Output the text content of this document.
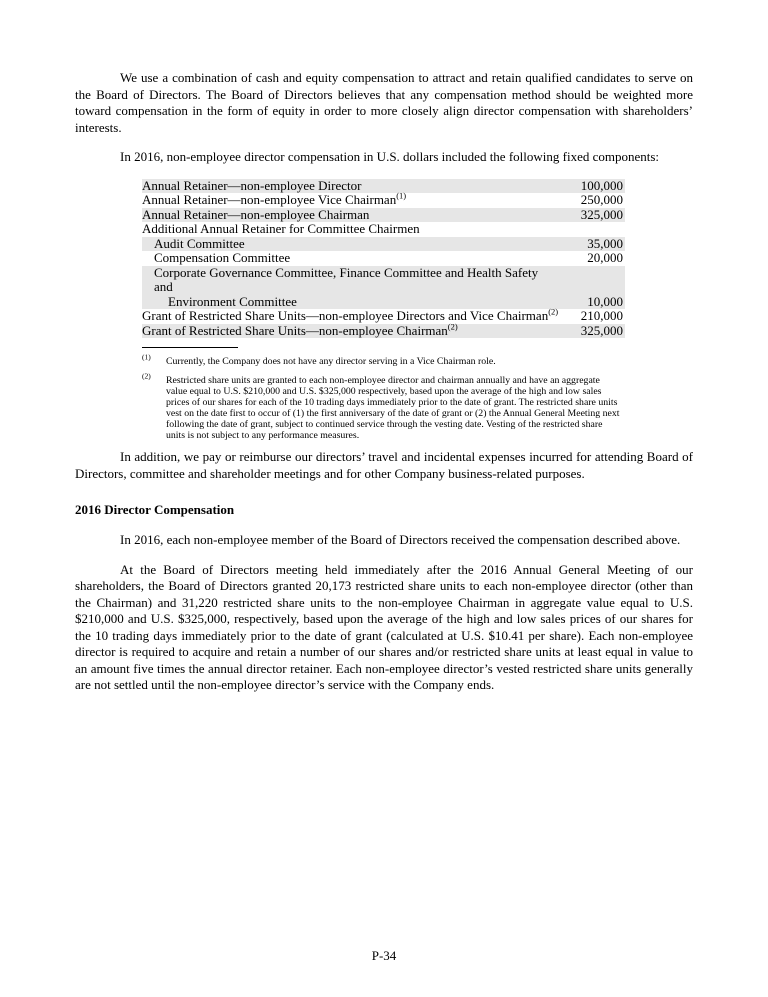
We use a combination of cash and equity compensation to attract and retain qualified candidates to serve on the Board of Directors. The Board of Directors believes that any compensation method should be weighted more toward compensation in the form of equity in order to more closely align director compensation with shareholders’ interests.

In 2016, non-employee director compensation in U.S. dollars included the following fixed components:

Annual Retainer—non-employee Director	100,000
Annual Retainer—non-employee Vice Chairman$^{(1)}$	250,000
Annual Retainer—non-employee Chairman	325,000
Additional Annual Retainer for Committee Chairmen	
Audit Committee	35,000
Compensation Committee	20,000

Corporate Governance Committee, Finance Committee and Health Safety and
Environment Committee	10,000
Grant of Restricted Share Units—non-employee Directors and Vice Chairman$^{(2)}$	210,000
Grant of Restricted Share Units—non-employee Chairman$^{(2)}$	325,000
$^{(1)}$	Currently, the Company does not have any director serving in a Vice Chairman role.
$^{(2)}$	Restricted share units are granted to each non-employee director and chairman annually and have an aggregate value equal to U.S. $210,000 and U.S. $325,000 respectively, based upon the average of the high and low sales prices of our shares for each of the 10 trading days immediately prior to the date of grant. The restricted share units vest on the date first to occur of (1) the first anniversary of the date of grant or (2) the Annual General Meeting next following the date of grant, subject to continued service through the vesting date. Vesting of the restricted share units is not subject to any performance measures.

In addition, we pay or reimburse our directors’ travel and incidental expenses incurred for attending Board of Directors, committee and shareholder meetings and for other Company business-related purposes.

2016 Director Compensation

In 2016, each non-employee member of the Board of Directors received the compensation described above.

At the Board of Directors meeting held immediately after the 2016 Annual General Meeting of our shareholders, the Board of Directors granted 20,173 restricted share units to each non-employee director (other than the Chairman) and 31,220 restricted share units to the non-employee Chairman in aggregate value equal to U.S. $210,000 and U.S. $325,000, respectively, based upon the average of the high and low sales prices of our shares for the 10 trading days immediately prior to the date of grant (calculated at U.S. $10.41 per share). Each non-employee director is required to acquire and retain a number of our shares and/or restricted share units at least equal in value to an amount five times the annual director retainer. Each non-employee director’s vested restricted share units generally are not settled until the non-employee director’s service with the Company ends.

P-34
